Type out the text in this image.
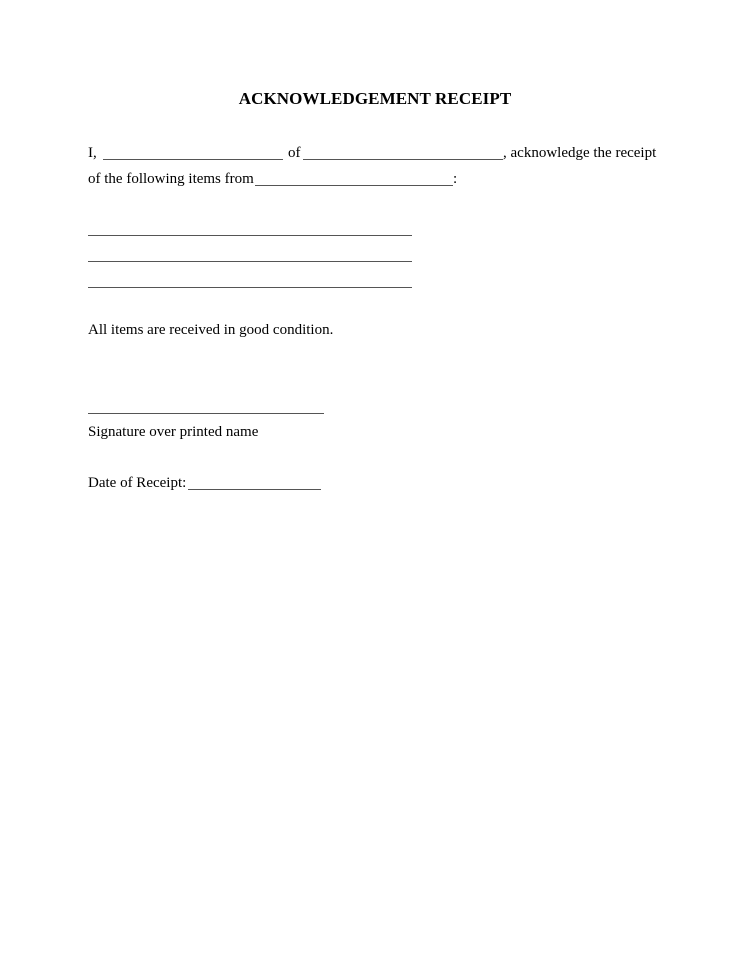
ACKNOWLEDGEMENT RECEIPT
I,	of	, acknowledge the receipt
of the following items from	:
All items are received in good condition.
Signature over printed name
Date of Receipt:
